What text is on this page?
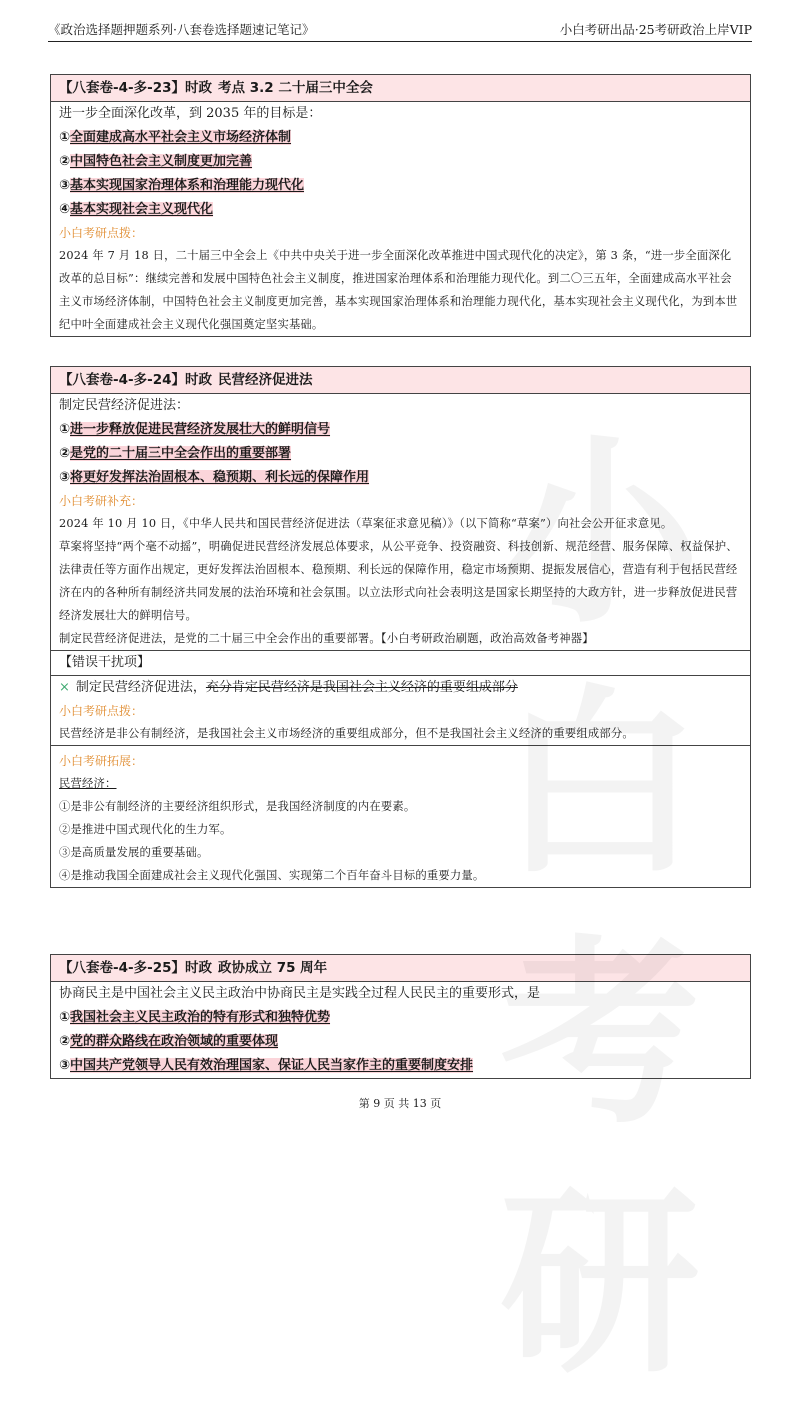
《政治选择题押题系列·八套卷选择题速记笔记》	小白考研出品·25考研政治上岸VIP
【八套卷-4-多-23】时政 考点 3.2 二十届三中全会
进一步全面深化改革，到 2035 年的目标是：
①全面建成高水平社会主义市场经济体制
②中国特色社会主义制度更加完善
③基本实现国家治理体系和治理能力现代化
④基本实现社会主义现代化
小白考研点拨：

2024 年 7 月 18 日，二十届三中全会上《中共中央关于进一步全面深化改革推进中国式现代化的决定》，第 3 条，“进一步全面深化改革的总目标”：继续完善和发展中国特色社会主义制度，推进国家治理体系和治理能力现代化。到二〇三五年，全面建成高水平社会主义市场经济体制，中国特色社会主义制度更加完善，基本实现国家治理体系和治理能力现代化，基本实现社会主义现代化，为到本世纪中叶全面建成社会主义现代化强国奠定坚实基础。

【八套卷-4-多-24】时政 民营经济促进法
制定民营经济促进法：
①进一步释放促进民营经济发展壮大的鲜明信号
②是党的二十届三中全会作出的重要部署
③将更好发挥法治固根本、稳预期、利长远的保障作用
小白考研补充：

2024 年 10 月 10 日，《中华人民共和国民营经济促进法（草案征求意见稿）》（以下简称“草案”）向社会公开征求意见。

草案将坚持“两个毫不动摇”，明确促进民营经济发展总体要求，从公平竞争、投资融资、科技创新、规范经营、服务保障、权益保护、法律责任等方面作出规定，更好发挥法治固根本、稳预期、利长远的保障作用，稳定市场预期、提振发展信心，营造有利于包括民营经济在内的各种所有制经济共同发展的法治环境和社会氛围。以立法形式向社会表明这是国家长期坚持的大政方针，进一步释放促进民营经济发展壮大的鲜明信号。

制定民营经济促进法，是党的二十届三中全会作出的重要部署。【小白考研政治刷题，政治高效备考神器】

【错误干扰项】
× 制定民营经济促进法，充分肯定民营经济是我国社会主义经济的重要组成部分
小白考研点拨：
民营经济是非公有制经济，是我国社会主义市场经济的重要组成部分，但不是我国社会主义经济的重要组成部分。
小白考研拓展：

民营经济：

①是非公有制经济的主要经济组织形式，是我国经济制度的内在要素。

②是推进中国式现代化的生力军。

③是高质量发展的重要基础。

④是推动我国全面建成社会主义现代化强国、实现第二个百年奋斗目标的重要力量。

【八套卷-4-多-25】时政 政协成立 75 周年
协商民主是中国社会主义民主政治中协商民主是实践全过程人民民主的重要形式，是
①我国社会主义民主政治的特有形式和独特优势
②党的群众路线在政治领域的重要体现
③中国共产党领导人民有效治理国家、保证人民当家作主的重要制度安排
第 9 页 共 13 页
